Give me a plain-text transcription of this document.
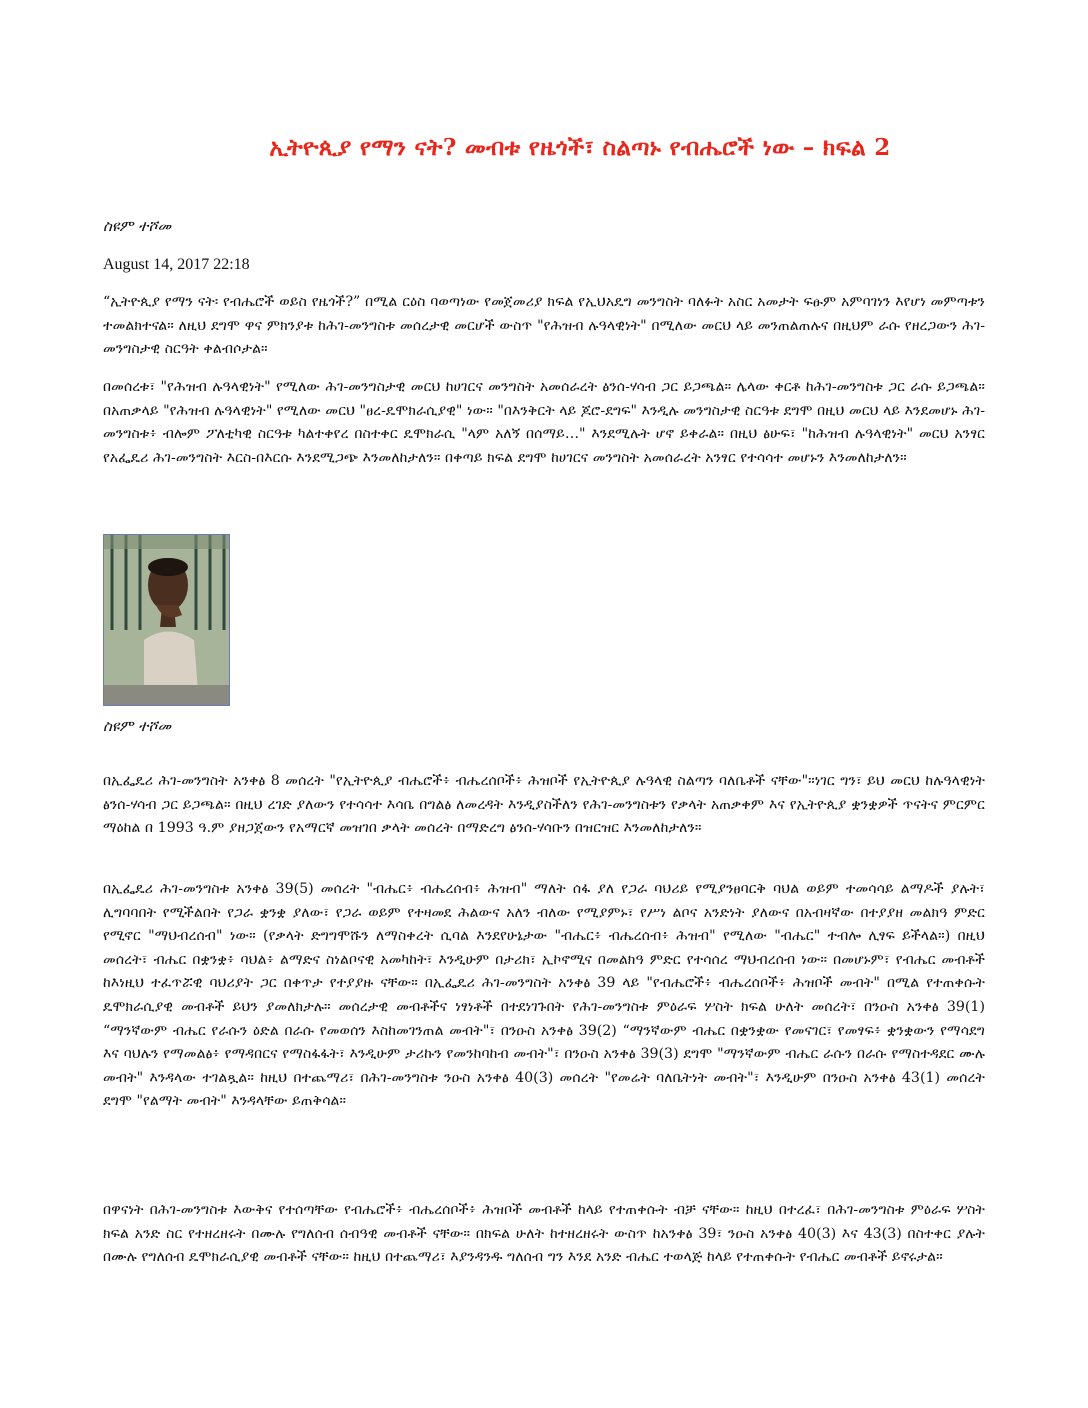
ኢትዮጲያ የማን ናት? መብቱ የዜጎች፣ ስልጣኑ የብሔሮች ነው – ክፍል 2
ስዩም ተሾመ
August 14, 2017 22:18

“ኢትዮጲያ የማን ናት፡ የብሔሮች ወይስ የዜጎች?” በሚል ርዕስ ባወጣነው የመጀመሪያ ክፍል የኢህአዴግ መንግስት ባለፉት አስር አመታት ፍፁም አምባገነን እየሆነ መምጣቱን ተመልክተናል። ለዚህ ደግሞ ዋና ምክንያቱ ከሕገ-መንግስቱ መሰረታዊ መርሆች ውስጥ "የሕዝብ ሉዓላዊነት" በሚለው መርህ ላይ መንጠልጠሉና በዚህም ራሱ የዘረጋውን ሕገ-መንግስታዊ ስርዓት ቀልብሶታል።

በመሰረቱ፣ "የሕዝብ ሉዓላዊነት" የሚለው ሕገ-መንግስታዊ መርህ ከሀገርና መንግስት አመሰራረት ፅንሰ-ሃሳብ ጋር ይጋጫል። ሌላው ቀርቶ ከሕገ-መንግስቱ ጋር ራሱ ይጋጫል። በአጠቃላይ "የሕዝብ ሉዓላዊነት" የሚለው መርህ "ፀረ-ዴሞክራሲያዊ" ነው። "በእንቅርት ላይ ጆሮ-ደግፍ" እንዲሉ መንግስታዊ ስርዓቱ ደግሞ በዚህ መርህ ላይ እንደመሆኑ ሕገ-መንግስቱ፥ ብሎም ፖለቲካዊ ስርዓቱ ካልተቀየረ በስተቀር ዴሞክራሲ "ላም አለኝ በሰማይ…" እንደሚሉት ሆኖ ይቀራል። በዚህ ፅሁፍ፣ "ከሕዝብ ሉዓላዊነት" መርህ አንፃር የአፌዴሪ ሕገ-መንግስት እርስ-በእርሱ እንደሚጋጭ እንመለከታለን። በቀጣይ ክፍል ደግሞ ከሀገርና መንግስት አመሰራረት አንፃር የተሳሳተ መሆኑን እንመለከታለን።

ስዩም ተሾመ

በኢፌዴሪ ሕገ-መንግስት አንቀፅ 8 መሰረት "የኢትዮጲያ ብሔሮች፥ ብሔረሰቦች፥ ሕዝቦች የኢትዮጲያ ሉዓላዊ ስልጣን ባለቤቶች ናቸው"።ነገር ግን፣ ይህ መርህ ከሉዓላዊነት ፅንሰ-ሃሳብ ጋር ይጋጫል። በዚህ ረገድ ያለውን የተሳሳተ እሳቤ በግልፅ ለመረዳት እንዲያስችለን የሕገ-መንግስቱን የቃላት አጠቃቀም እና የኢትዮጲያ ቋንቋዎች ጥናትና ምርምር ማዕከል በ 1993 ዓ.ም ያዘጋጀውን የአማርኛ መዝገበ ቃላት መሰረት በማድረግ ፅንሰ-ሃሳቡን በዝርዝር እንመለከታለን።

በኢፌዴሪ ሕገ-መንግስቱ አንቀፅ 39(5) መሰረት "ብሔር፥ ብሔረሰብ፥ ሕዝብ" ማለት ሰፋ ያለ የጋራ ባህሪይ የሚያንፀባርቅ ባህል ወይም ተመሳሳይ ልማዶች ያሉት፣ ሊግባባበት የሚችልበት የጋራ ቋንቋ ያለው፣ የጋራ ወይም የተዛመደ ሕልውና አለን ብለው የሚያምኑ፣ የሥነ ልቦና አንድነት ያለውና በአብዛኛው በተያያዘ መልክዓ ምድር የሚኖር "ማህብረሰብ" ነው። (የቃላት ድግግሞሹን ለማስቀረት ሲባል እንደየሁኔታው "ብሔር፥ ብሔረሰብ፥ ሕዝብ" የሚለው "ብሔር" ተብሎ ሊፃፍ ይችላል።) በዚህ መሰረት፣ ብሔር በቋንቋ፥ ባህል፥ ልማድና ስነልቦናዊ አመካከት፣ እንዲሁም በታሪክ፣ ኢኮኖሚና በመልክዓ ምድር የተሳሰረ ማህብረሰብ ነው። በመሆኑም፣ የብሔር መብቶች ከእነዚህ ተፈጥሯዊ ባህሪያት ጋር በቀጥታ የተያያዙ ናቸው። በኢፌዴሪ ሕገ-መንግስት አንቀፅ 39 ላይ "የብሔሮች፥ ብሔረሰቦች፥ ሕዝቦች መብት" በሚል የተጠቀሱት ዴሞክራሲያዊ መብቶች ይህን ያመለክታሉ። መሰረታዊ መብቶችና ነፃነቶች በተደነገጉበት የሕገ-መንግስቱ ምዕራፍ ሦስት ክፍል ሁለት መሰረት፣ በንዑስ አንቀፅ 39(1) “ማንኛውም ብሔር የራሱን ዕድል በራሱ የመወሰን እስከመገንጠል መብት"፣ በንዑስ አንቀፅ 39(2) “ማንኛውም ብሔር በቋንቋው የመናገር፣ የመፃፍ፥ ቋንቋውን የማሳደግ እና ባህሉን የማመልፅ፥ የማዳበርና የማስፋፋት፣ እንዲሁም ታሪኩን የመንከባከብ መብት"፣ በንዑስ አንቀፅ 39(3) ደግሞ "ማንኛውም ብሔር ራሱን በራሱ የማስተዳደር ሙሉ መብት" እንዳላው ተገልጿል። ከዚህ በተጨማሪ፣ በሕገ-መንግስቱ ንዑስ አንቀፅ 40(3) መሰረት "የመሬት ባለቤትነት መብት"፣ እንዲሁም በንዑስ አንቀፅ 43(1) መሰረት ደግሞ "የልማት መብት" እንዳላቸው ይጠቅሳል።

በዋናነት በሕገ-መንግስቱ እውቅና የተሰጣቸው የብሔሮች፥ ብሔረሰቦች፥ ሕዝቦች መብቶች ከላይ የተጠቀሱት ብቻ ናቸው። ከዚህ በተረፈ፣ በሕገ-መንግስቱ ምዕራፍ ሦስት ክፍል አንድ ስር የተዘረዘሩት በሙሉ የግለሰብ ሰብዓዊ መብቶች ናቸው። በክፍል ሁለት ከተዘረዘሩት ውስጥ ከአንቀፅ 39፣ ንዑስ አንቀፅ 40(3) እና 43(3) በስተቀር ያሉት በሙሉ የግለሰብ ዴሞክራሲያዊ መብቶች ናቸው። ከዚህ በተጨማሪ፣ እያንዳንዱ ግለሰብ ግን እንደ አንድ ብሔር ተወላጅ ከላይ የተጠቀሱት የብሔር መብቶች ይኖሩታል።
